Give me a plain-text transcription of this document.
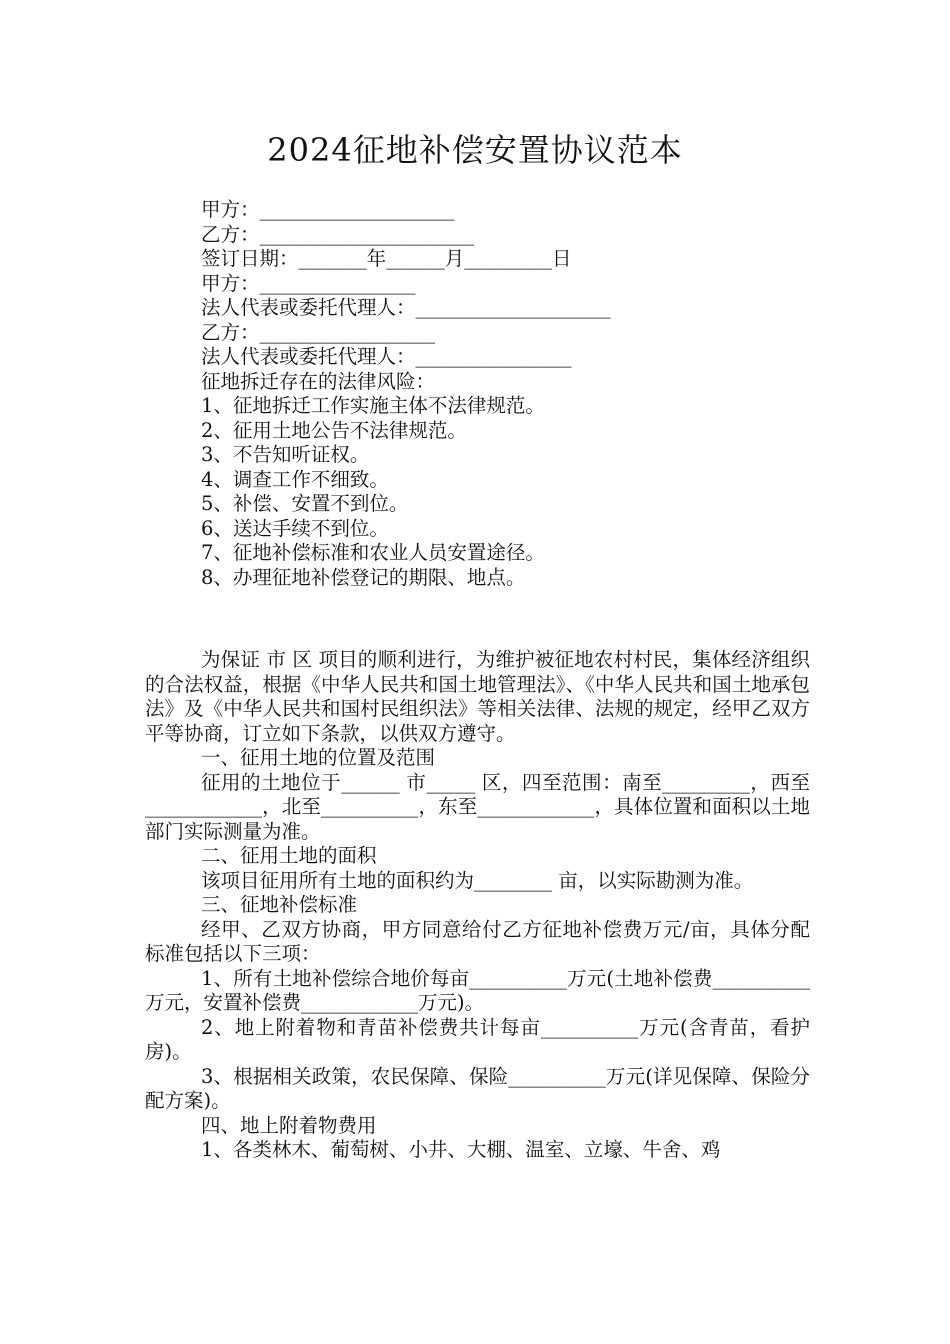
2024征地补偿安置协议范本
甲方：____________________
乙方：______________________
签订日期：_______年______月_________日
甲方：________________
法人代表或委托代理人：____________________
乙方：__________________
法人代表或委托代理人：________________
征地拆迁存在的法律风险：
1、征地拆迁工作实施主体不法律规范。
2、征用土地公告不法律规范。
3、不告知听证权。
4、调查工作不细致。
5、补偿、安置不到位。
6、送达手续不到位。
7、征地补偿标准和农业人员安置途径。
8、办理征地补偿登记的期限、地点。

为保证 市 区 项目的顺利进行，为维护被征地农村村民，集体经济组织的合法权益，根据《中华人民共和国土地管理法》、《中华人民共和国土地承包法》及《中华人民共和国村民组织法》等相关法律、法规的规定，经甲乙双方平等协商，订立如下条款，以供双方遵守。

一、征用土地的位置及范围

征用的土地位于______ 市_____ 区，四至范围：南至_________，西至____________，北至__________，东至____________，具体位置和面积以土地部门实际测量为准。

二、征用土地的面积

该项目征用所有土地的面积约为________ 亩，以实际勘测为准。

三、征地补偿标准

经甲、乙双方协商，甲方同意给付乙方征地补偿费万元/亩，具体分配标准包括以下三项：

1、所有土地补偿综合地价每亩__________万元(土地补偿费__________万元，安置补偿费____________万元)。

2、地上附着物和青苗补偿费共计每亩__________万元(含青苗，看护房)。

3、根据相关政策，农民保障、保险__________万元(详见保障、保险分配方案)。

四、地上附着物费用

1、各类林木、葡萄树、小井、大棚、温室、立壕、牛舍、鸡
